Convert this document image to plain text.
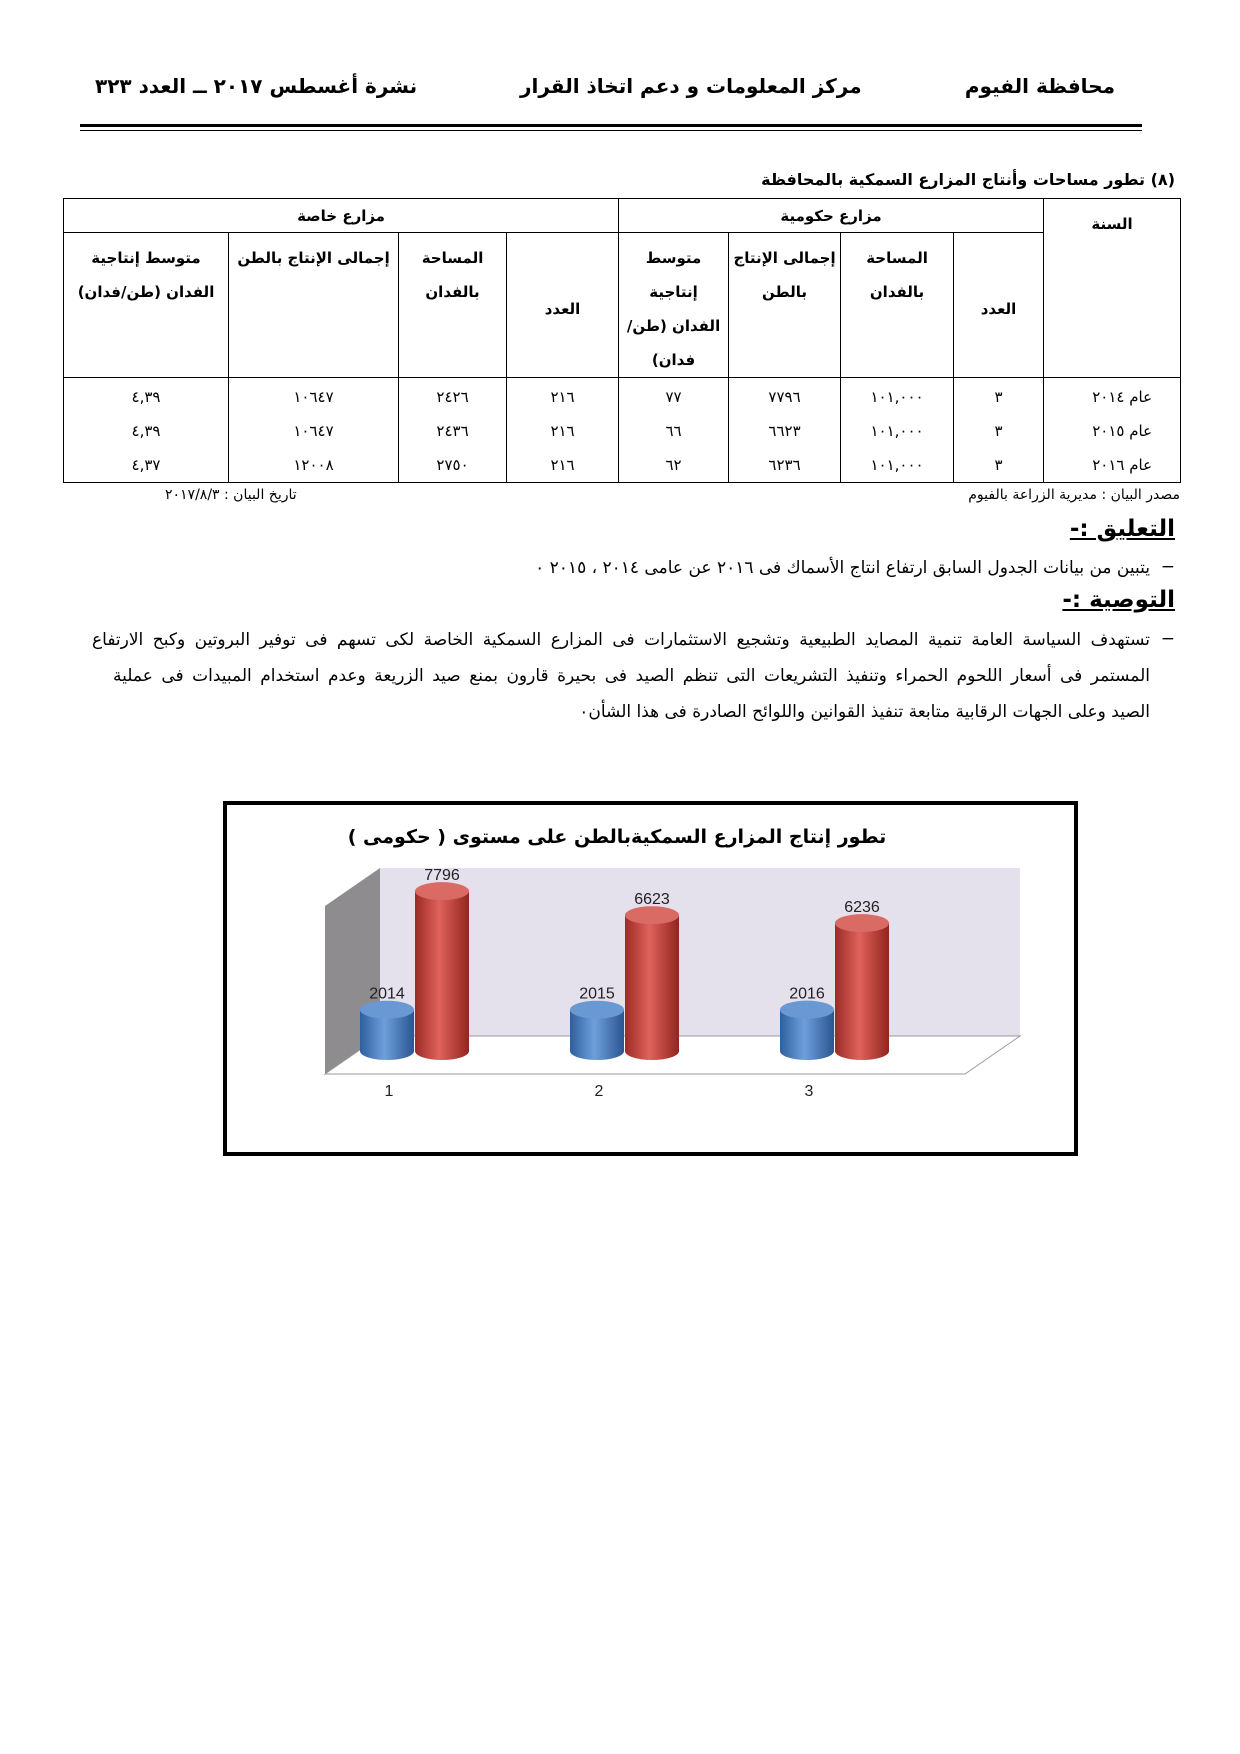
محافظة الفيوم
مركز المعلومات و دعم اتخاذ القرار
نشرة أغسطس ٢٠١٧ ــ العدد ٣٢٣
(٨) تطور مساحات وأنتاج المزارع السمكية بالمحافظة
السنة	مزارع حكومية				مزارع خاصة			
	العدد	المساحة بالفدان	إجمالى الإنتاج بالطن	متوسط إنتاجية الفدان (طن/فدان)	العدد	المساحة بالفدان	إجمالى الإنتاج بالطن	متوسط إنتاجية الفدان (طن/فدان)
عام ٢٠١٤	٣	١٠١,٠٠٠	٧٧٩٦	٧٧	٢١٦	٢٤٢٦	١٠٦٤٧	٤,٣٩
عام ٢٠١٥	٣	١٠١,٠٠٠	٦٦٢٣	٦٦	٢١٦	٢٤٣٦	١٠٦٤٧	٤,٣٩
عام ٢٠١٦	٣	١٠١,٠٠٠	٦٢٣٦	٦٢	٢١٦	٢٧٥٠	١٢٠٠٨	٤,٣٧
مصدر البيان : مديرية الزراعة بالفيوم
تاريخ البيان : ٢٠١٧/٨/٣
التعليق :-
−
يتبين من بيانات الجدول السابق ارتفاع انتاج الأسماك فى ٢٠١٦ عن عامى ٢٠١٤ ، ٢٠١٥ ٠
التوصية :-
−
تستهدف السياسة العامة تنمية المصايد الطبيعية وتشجيع الاستثمارات فى المزارع السمكية الخاصة لكى تسهم فى توفير البروتين وكبح الارتفاع
المستمر فى أسعار اللحوم الحمراء وتنفيذ التشريعات التى تنظم الصيد فى بحيرة قارون بمنع صيد الزريعة وعدم استخدام المبيدات فى عملية
الصيد وعلى الجهات الرقابية متابعة تنفيذ القوانين واللوائح الصادرة فى هذا الشأن٠
تطور إنتاج المزارع السمكيةبالطن على مستوى ( حكومى )
2014
7796
1
2015
6623
2
2016
6236
3
